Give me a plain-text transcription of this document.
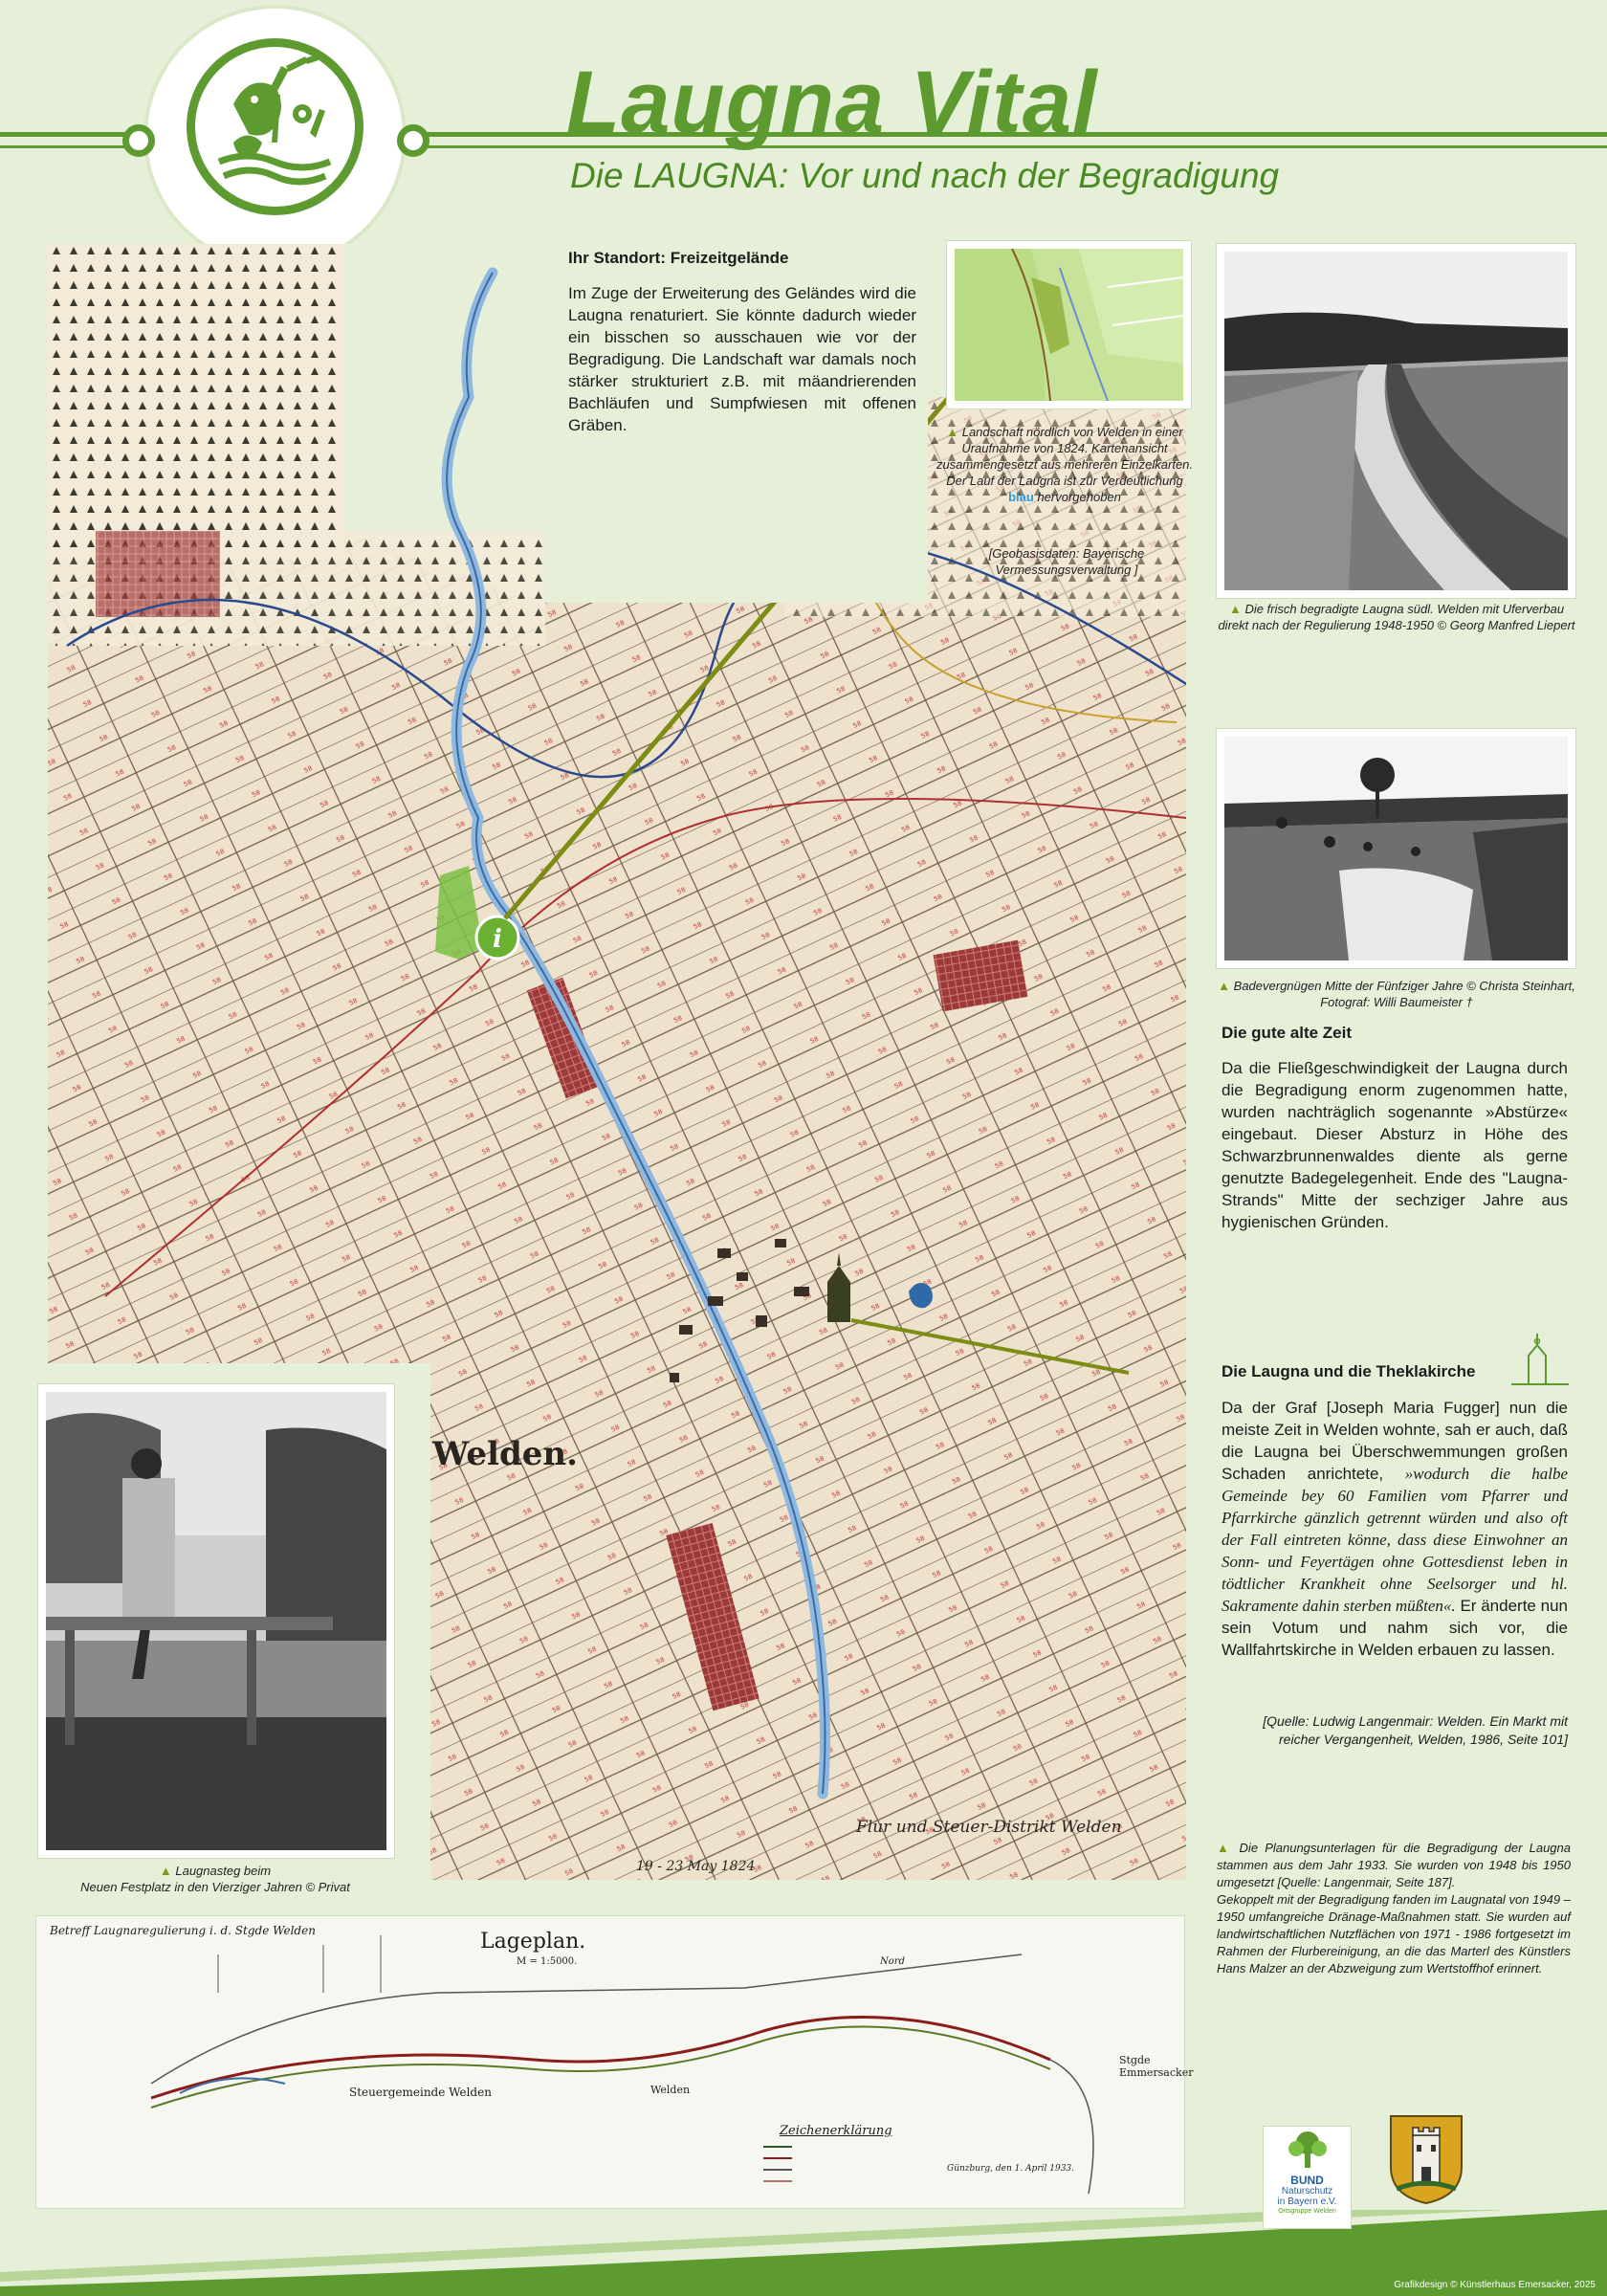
Laugna Vital
Die LAUGNA: Vor und nach der Begradigung
i
Welden.
Flur und Steuer-Distrikt Welden
19 - 23 May 1824
Ihr Standort: Freizeitgelände
Im Zuge der Erweiterung des Geländes wird die Laugna renaturiert. Sie könnte dadurch wieder ein bisschen so ausschauen wie vor der Begradigung. Die Landschaft war damals noch stärker strukturiert z.B. mit mäandrierenden Bachläufen und Sumpfwiesen mit offenen Gräben.	▲ Landschaft nördlich von Welden in einer Uraufnahme von 1824. Kartenansicht zusammengesetzt aus mehreren Einzelkarten. Der Lauf der Laugna ist zur Verdeutlichung blau hervorgehoben
[Geobasisdaten: Bayerische Vermessungsverwaltung ]
▲ Die frisch begradigte Laugna südl. Welden mit Uferverbau direkt nach der Regulierung 1948-1950 © Georg Manfred Liepert
▲ Badevergnügen Mitte der Fünfziger Jahre © Christa Steinhart, Fotograf: Willi Baumeister †
Die gute alte Zeit
Da die Fließgeschwindigkeit der Laugna durch die Begradigung enorm zugenommen hatte, wurden nachträglich sogenannte »Abstürze« eingebaut. Dieser Absturz in Höhe des Schwarzbrunnenwaldes diente als gerne genutzte Badegelegenheit. Ende des "Laugna-Strands" Mitte der sechziger Jahre aus hygienischen Gründen.
Die Laugna und die Theklakirche
Da der Graf [Joseph Maria Fugger] nun die meiste Zeit in Welden wohnte, sah er auch, daß die Laugna bei Überschwemmungen großen Schaden anrichtete, »wodurch die halbe Gemeinde bey 60 Familien vom Pfarrer und Pfarrkirche gänzlich getrennt würden und also oft der Fall eintreten könne, dass diese Einwohner an Sonn- und Feyertägen ohne Gottesdienst leben in tödtlicher Krankheit ohne Seelsorger und hl. Sakramente dahin sterben müßten«. Er änderte nun sein Votum und nahm sich vor, die Wallfahrtskirche in Welden erbauen zu lassen.
[Quelle: Ludwig Langenmair: Welden. Ein Markt mit reicher Vergangenheit, Welden, 1986, Seite 101]
▲ Laugnasteg beim
Neuen Festplatz in den Vierziger Jahren © Privat
Betreff Laugnaregulierung i. d. Stgde Welden	Lageplan.
M = 1:5000.	Nord
Steuergemeinde Welden	Welden
Stgde Emmersacker
Zeichenerklärung
Günzburg, den 1. April 1933.
▲ Die Planungsunterlagen für die Begradigung der Laugna stammen aus dem Jahr 1933. Sie wurden von 1948 bis 1950 umgesetzt [Quelle: Langenmair, Seite 187].
Gekoppelt mit der Begradigung fanden im Laugnatal von 1949 – 1950 umfangreiche Dränage-Maßnahmen statt. Sie wurden auf landwirtschaftlichen Nutzflächen von 1971 - 1986 fortgesetzt im Rahmen der Flurbereinigung, an die das Marterl des Künstlers Hans Malzer an der Abzweigung zum Wertstoffhof erinnert.
BUND
Naturschutz
in Bayern e.V.
Ortsgruppe Welden
Grafikdesign © Künstlerhaus Emersacker, 2025
